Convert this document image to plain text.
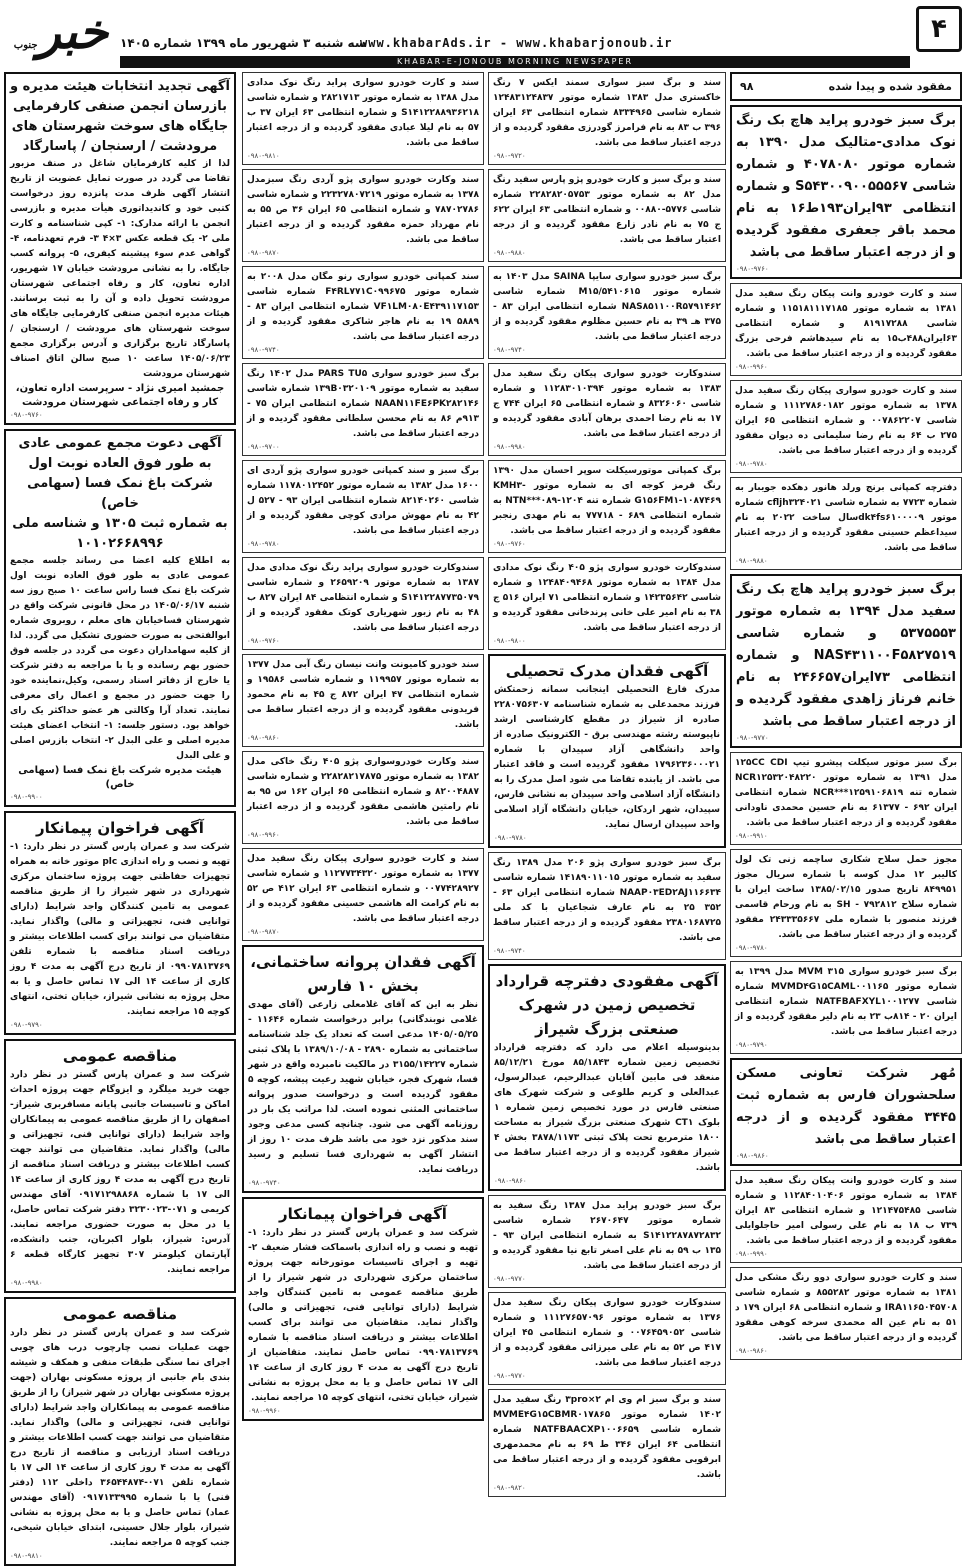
۴
www.khabarAds.ir - www.khabarjonoub.ir
سه شنبه ۳ شهریور ماه ۱۳۹۹ شماره ۱۴۰۵
خبرجنوب
KHABAR-E-JONOUB MORNING NEWSPAPER
مفقود شده و پیدا شده
۹۸
برگ سبز خودرو پراید هاچ بک رنگ نوک مدادی-متالیک مدل ۱۳۹۰ به شماره موتور ۴۰۷۸۰۸۰ و شماره شاسی S۵۴۳۰۰۹۰۰۵۵۵۶۷ و شماره انتظامی ۹۳ایران۱۹۳ط۱۶ به نام محمد باقر جعفری مفقود گردیده و از درجه اعتبار ساقط می باشد
۰۹۸۰-۹۷۶۰
سند و کارت خودرو وانت پیکان رنگ سفید مدل ۱۳۸۱ به شماره موتور ۱۱۵۱۸۱۱۱۷۱۸۵ و شماره شاسی ۸۱۹۱۷۲۸۸ و شماره انتظامی ۶۳ایران۴۸۸ب۱۵ به نام سیدهاشم فرحی بزرگ مفقود گردیده و از درجه اعتبار ساقط می باشد.
۰۹۸۰-۹۹۶۰
سند و کارت خودرو سواری پیکان رنگ سفید مدل ۱۳۷۸ به شماره موتور ۱۱۱۲۷۸۶۰۱۸۲ و شماره شاسی ۰۰۷۸۶۲۲۰۷ و شماره انتظامی ۶۵ ایران ۲۷۵ ب ۶۴ به نام رضا سلیمانی ده دیوان مفقود گردیده و از درجه اعتبار ساقط می باشد.
۰۹۸۰-۹۷۸۰
دفترچه کمپانی برنج ورلد هانور دهکده جویبار به شماره ۷۷۲۳ به شماره شاسی cfljh۳۲۴۰۲۱ شماره موتور dk۴fs۶۱۰۰۰۰۹سال ساخت ۲۰۲۲ به نام سیداعظم حسینی مفقود گردیده و از درجه اعتبار ساقط می باشد.
۰۹۸۰-۹۸۸۰
برگ سبز خودرو پراید هاچ بک رنگ سفید مدل ۱۳۹۴ به شماره موتور ۵۳۷۵۵۵۳ و شماره شاسی NAS۴۳۱۱۰۰F۵۸۲۷۵۱۹ و شماره انتظامی ۷۳ایران۲۴۶۶۵۷ به نام خانم فرناز زاهدی مفقود گردیده و از درجه اعتبار ساقط می باشد
۰۹۸۰-۹۷۷۰
برگ سبز موتور سیکلت پیشرو تیپ ۱۲۵CC CDI مدل ۱۳۹۱ به شماره موتور NCR۱۲۵۳۲۰۴۸۲۲۰ شماره تنه NCR***۱۲۵۹۱۰۶۸۱۹ شماره انتظامی ایران ۶۹۲ - ۶۱۳۷۷ به نام حسین محمدی ناودانی مفقود گردیده و از درجه اعتبار ساقط می باشد.
۰۹۸۰-۹۹۱۰
مجوز حمل سلاح شکاری ساچمه زنی تک لول کالیبر ۱۲ مدل کوسه با شماره سریال مجوز ۸۴۹۹۵۱ تاریخ صدور ۱۳۸۵/۰۲/۱۵ ساخت ایران با شماره سلاح SH - ۷۹۲۸۱۲ به نام ورحام قاسمی فرزند منصور با شماره ملی ۲۴۳۳۳۵۶۶۷ مفقود گردیده و از درجه اعتبار ساقط می باشد.
۰۹۸۰-۹۷۸۰
برگ سبز خودرو سواری ۳۱۵ MVM مدل ۱۳۹۹ به شماره موتور MVMD۴G۱۵CAML۰۰۱۱۶۵ شماره شاسی NATFBAFXYL۱۰۰۱۲۷۷ شماره انتظامی ایران ۲۰ - ۸۱۴ب ۲۳ به نام دلیر مفقود گردیده و از درجه اعتبار ساقط می باشد.
۰۹۸۰-۹۷۹۰
مُهر شرکت تعاونی مسکن سلحشوران فارس به شماره ثبت ۳۴۴۵ مفقود گردیده و از درجه اعتبار ساقط می باشد
۰۹۸۰-۹۸۶۰
سند و کارت خودرو وانت پیکان رنگ سفید مدل ۱۳۸۴ به شماره موتور ۱۱۲۸۴۰۱۰۴۰۶ و شماره شاسی ۱۲۱۴۷۵۴۸۵ و شماره انتظامی ۸۳ ایران ۷۳۹ ب ۱۸ به نام علی رسولی امیر حاجلوایلی مفقود گردیده و از درجه اعتبار ساقط می باشد.
۰۹۸۰-۹۹۹۰
سند و کارت خودرو سواری دوو رنگ مشکی مدل ۱۳۸۱ به شماره موتور ۸۵۵۲۸۲ و شماره شاسی IRA۱۱۶۵۰۴۵۷۰۸ و شماره انتظامی ۶۸ ایران ۱۷۹ د ۵۱ به نام عین اله محمدی سرخه کوهی مفقود گردیده و از درجه اعتبار ساقط می باشد.
۰۹۸۰-۹۸۶۰
سند و برگ سبز سواری سمند ایکس ۷ رنگ خاکستری مدل ۱۳۸۳ شماره موتور ۱۲۴۸۳۱۲۴۸۳۷ شماره شاسی ۸۳۳۴۹۶۵ شماره انتظامی ۶۳ ایران ۳۹۶ ب ۸۳ به نام فرامرز گودرزی مفقود گردیده و از درجه اعتبار ساقط می باشد.
۰۹۸۰-۹۷۲۰
سند و برگ سبز و کارت خودرو پژو پارس سفید رنگ مدل ۸۲ به شماره موتور ۲۲۸۲۸۲۰۵۷۵۳ شماره شاسی ۵۷۷۶-۰۰۸۸۰ و شماره انتظامی ۶۳ ایران ۶۲۲ ج ۷۵ به نام نادر زارع مفقود گردیده و از درجه اعتبار ساقط می باشد.
۰۹۸۰-۹۸۸۰
برگ سبز خودرو سواری سایپا SAINA مدل ۱۴۰۳ به شماره موتور M۱۵/۵۴۱۰۶۱۵ شماره شاسی NAS۸۵۱۱۰۰R۵۷۹۱۴۶۲ شماره انتظامی ایران ۸۳ - ۳۷۵ هـ ۳۹ به نام حسین مظلوم مفقود گردیده و از درجه اعتبار ساقط می باشد.
۰۹۸۰-۹۷۴۰
سندوکارت خودرو سواری پیکان رنگ سفید مدل ۱۳۸۳ به شماره موتور ۱۱۲۸۳۰۱۰۳۹۴ و شماره شاسی ۸۳۲۶۰۶۰ و شماره انتظامی ۶۵ ایران ۷۴۴ ج ۱۷ به نام رضا احمدی برهان آبادی مفقود گردیده و از درجه اعتبار ساقط می باشد.
۰۹۸۰-۹۹۸۰
برگ کمپانی موتورسیکلت سوپر احسان مدل ۱۳۹۰ رنگ قرمز کوجه ای به شماره موتور KMH۳-G۱۵۶FM۱-۱۰۸۷۴۶۹ شماره تنه ۱۲۰۴-۰۸۹***NTN به شماره انتظامی ۶۸۹ - ۷۷۷۱۸ به نام مهدی رنجبر مفقود گردیده و از درجه اعتبار ساقط می باشد.
۰۹۸۰-۹۷۶۰
سندوکارت خودرو سواری پژو ۴۰۵ رنگ نوک مدادی مدل ۱۳۸۴ به شماره موتور ۱۲۴۸۴۰۹۴۶۸ و شماره شاسی ۱۴۲۳۵۶۴۲ و شماره انتظامی ۷۱ ایران ۵۱۶ ج ۳۸ به نام امیر علی خانی پرندخانی مفقود گردیده و از درجه اعتبار ساقط می باشد.
۰۹۸۰-۹۸۰۰
آگهی فقدان مدرک تحصیلی
مدرک فارغ التحصیلی اینجانب سمانه زحمتکش فرزند محمدعلی به شماره شناسنامه ۲۲۸۰۷۵۶۳۰۷ صادره از شیراز در مقطع کارشناسی ارشد ناپیوسته رشته مهندسی برق - الکترونیک صادره از واحد دانشگاهی آزاد سپیدان با شماره ۱۷۹۶۲۳۶۰۰۰۲۱ مفقود گردیده است و فاقد اعتبار می باشد. از یابنده تقاضا می شود اصل مدرک را به دانشگاه آزاد اسلامی واحد سپیدان به نشانی فارس، سپیدان، شهر اردکان، خیابان دانشگاه آزاد اسلامی واحد سپیدان ارسال نماید.
۰۹۸۰-۹۷۸۰
برگ سبز خودرو سواری پژو ۲۰۶ مدل ۱۳۸۹ رنگ سفید به شماره موتور ۱۴۱۸۹۰۱۱۰۱۵ شماره شاسی NAAP۰۳ED۲AJ۱۱۶۶۳۴ شماره انتظامی ایران ۶۳ - ۳۵۲ ۲۵ به نام عارف شجاعیان با کد ملی ۲۳۸۰۱۶۸۷۲۵ مفقود گردیده و از درجه اعتبار ساقط می باشد.
۰۹۸۰-۹۷۴۰
آگهی مفقودی دفترچه قرارداد تخصیص زمین در شهرک صنعتی بزرگ شیراز
بدینوسیله اعلام می دارد که دفترچه قرارداد تخصیص زمین شماره ۸۵/۱۸۴۳ مورخ ۸۵/۱۲/۲۱ منعقد فی مابین آقایان عبدالرحیم، عبدالرسول، عبدالعلی و کریم طلوعی و شرکت شهرک های صنعتی فارس در مورد تخصیص زمین شماره ۱ بلوک CT۱ شهرک صنعتی بزرگ شیراز به مساحت ۱۸۰۰ مترمربع تحت پلاک ثبتی ۳۸۷۸/۱۱۷۳ بخش ۴ شیراز مفقود گردیده و از درجه اعتبار ساقط می باشد.
۰۹۸۰-۹۸۶۰
برگ سبز خودرو پراید مدل ۱۳۸۷ رنگ سفید به شماره موتور ۲۶۷۰۶۴۷ شماره شاسی S۱۴۱۲۲۸۷۸۷۲۸۳۲ به شماره انتظامی ایران ۹۳ - ۱۳۵ ب ۵۹ به نام علی اصغر تابع نیا مفقود گردیده و از درجه اعتبار ساقط می باشد.
۰۹۸۰-۹۷۷۰
سندوکارت خودرو سواری پیکان رنگ سفید مدل ۱۳۷۶ به شماره موتور ۱۱۱۲۷۶۵۷۰۹۶ و شماره شاسی ۰۰۷۶۴۵۹۰۵۲ و شماره انتظامی ۴۵ ایران ۴۱۷ ص ۵۲ به نام علی میرزائی مفقود گردیده و از درجه اعتبار ساقط می باشد.
۰۹۸۰-۹۷۷۰
سند و برگ سبز ام وی ام ۳pro×۲ رنگ سفید مدل ۱۴۰۲ شماره موتور MVME۴G۱۵CBMR۰۱۷۸۶۵ شماره شاسی NATFBAACXP۱۰۰۶۶۵۹ شماره انتظامی ۶۴ ایران ۳۴۶ ط ۶۹ به نام محمدمهری ابرقویی مفقود گردیده و از درجه اعتبار ساقط می باشد.
۰۹۸۰-۹۸۲۰
سند و کارت خودرو سواری پراید رنگ نوک مدادی مدل ۱۳۸۸ به شماره موتور ۲۸۲۱۷۱۳ و شماره شاسی S۱۴۱۲۲۸۸۹۳۶۲۱۸ و شماره انتظامی ۶۳ ایران ۳۷ ب ۵۷ به نام لیلا عبادی مفقود گردیده و از درجه اعتبار ساقط می باشد.
۰۹۸۰-۹۸۱۰
سند وکارت خودرو سواری پژو آردی رنگ سبزمدل ۱۳۷۸ به شماره موتور ۲۲۳۲۷۸۰۷۲۱۹ و شماره شاسی ۷۸۷۰۲۷۸۶ و شماره انتظامی ۶۵ ایران ۳۶ ص ۵۵ به نام مهرداد حمزه مفقود گردیده و از درجه اعتبار ساقط می باشد.
۰۹۸۰-۹۸۷۰
سند کمپانی خودرو سواری رنو مگان مدل ۲۰۰۸ به شماره موتور F۴RL۷۷۱C۰۹۹۶۷۵ شماره شاسی VF۱LM۰۸۰E۴۳۹۱۱۷۱۵۳ شماره انتظامی ایران ۸۳ - ۵۸۸۹ ۱۹ به نام هاجر شاکری مفقود گردیده و از درجه اعتبار ساقط می باشد.
۰۹۸۰-۹۷۴۰
برگ سبز خودرو سواری PARS TU۵ مدل ۱۴۰۲ رنگ سفید به شماره موتور ۱۳۹B۰۳۲۰۱۰۹ شماره شاسی NAAN۱۱FE۶PK۲۸۲۱۴۶ شماره انتظامی ایران ۷۵ - ۹۱۳م ۸۶ به نام محسن سلطانی مفقود گردیده و از درجه اعتبار ساقط می باشد.
۰۹۸۰-۹۷۰۰
برگ سبز و سند کمپانی خودرو سواری پژو آردی ای ۱۶۰۰ مدل ۱۳۸۲ به شماره موتور ۱۱۷۸۰۱۲۴۵۲ شماره شاسی ۸۲۱۴۰۲۶۰ شماره انتظامی ایران ۹۳ - ۵۲۷ ل ۴۲ به نام مهوش مرادی کوچی مفقود گردیده و از درجه اعتبار ساقط می باشد.
۰۹۸۰-۹۷۸۰
سندوکارت خودرو سواری پراید رنگ نوک مدادی مدل ۱۳۸۷ به شماره موتور ۲۶۵۹۲۰۹ و شماره شاسی S۱۴۱۲۲۸۷۷۳۵۰۷۹ و شماره انتظامی ۸۴ ایران ۸۲۷ ب ۴۸ به نام زبور شهریاری کوتک مفقود گردیده و از درجه اعتبار ساقط می باشد.
۰۹۸۰-۹۷۶۰
سند خودرو کامیونت وانت نیسان رنگ آبی مدل ۱۳۷۷ به شماره موتور ۱۱۹۹۵۷ و شماره شاسی ۱۹۵۸۶ و شماره انتظامی ۴۷ ایران ۸۷۲ ج ۴۵ به نام محمود فریدونی مفقود گردیده و از درجه اعتبار ساقط می باشد.
۰۹۸۰-۹۸۶۰
سند وکارت خودروسواری پژو ۴۰۵ رنگ خاکی مدل ۱۳۸۲ به شماره موتور ۲۲۸۲۸۲۱۷۸۷۵ و شماره شاسی ۸۲۰۰۴۸۸۷ و شماره انتظامی ۶۵ ایران ۱۶۲ س ۹۵ به نام رامتین هاشمی مفقود گردیده و از درجه اعتبار ساقط می باشد.
۰۹۸۰-۹۹۶۰
سند و کارت خودرو سواری پیکان رنگ سفید مدل ۱۳۷۷ به شماره موتور ۱۱۲۷۷۳۴۳۲۰ و شماره شاسی ۰۰۷۷۴۲۸۹۲۷ و شماره انتظامی ۶۳ ایران ۴۱۲ ص ۵۲ به نام کرامت اله هاشمی حسینی مفقود گردیده و از درجه اعتبار ساقط می باشد.
۰۹۸۰-۹۸۷۰
آگهی فقدان پروانه ساختمانی، بخش ۱۰ فارس
نظر به این که آقای غلامعلی زارعی (آقای مهدی غلامی نوبندگانی) برابر درخواست شماره ۱۱۶۴۶ - ۱۴۰۵/۰۵/۲۵ مدعی است که تعداد یک جلد شناسنامه ساختمانی به شماره ۲۸۹۰ - ۱۳۸۹/۱۰/۰۸ با پلاک ثبتی شماره ۳۱۵۵/۱۴۲۲۷ در مالکیت نامبرده واقع در شهر فسا، شهرک فجر، خیابان شهید رعیت پیشه، کوچه ۵ مفقود گردیده است و درخواست صدور پروانه ساختمانی المثنی نموده است. لذا مراتب یک بار در روزنامه آگهی می شود. چنانچه کسی مدعی وجود سند مذکور نزد خود می باشد ظرف مدت ۱۰ روز از انتشار آگهی به شهرداری فسا تسلیم و رسید دریافت نماید.
۰۹۸۰-۹۷۴۰
آگهی فراخوان پیمانکار
شرکت سد و عمران پارس گستر در نظر دارد: ۱- تهیه و نصب و راه اندازی باسماکت فشار ضعیف ۲- تهیه و اجرای تاسیسات موتورخانه جهت پروژه ساختمان مرکزی شهرداری در شهر شیراز را از طریق مناقصه عمومی به تامین کنندگان واجد شرایط (دارای توانایی فنی، تجهیزاتی و مالی) واگذار نماید. متقاضیان می توانند برای کسب اطلاعات بیشتر و دریافت اسناد مناقصه با شماره ۰۹۹۰۷۸۱۳۷۶۹ تماس حاصل نمایند. متقاضیان از تاریخ درج آگهی به مدت ۴ روز کاری از ساعت ۱۴ الی ۱۷ تماس حاصل و یا به محل پروژه به نشانی شیراز، خیابان تختی، انتهای کوچه ۱۵ مراجعه نمایند.
۰۹۸۰-۹۹۶۰
آگهی تجدید انتخابات هیئت مدیره و بازرسان انجمن صنفی کارفرمایی جایگاه های سوخت شهرستان های مرودشت / ارسنجان / پاسارگاد
لذا از کلیه کارفرمایان شاغل در صنف مزبور تقاضا می گردد در صورت تمایل عضویت از تاریخ انتشار آگهی ظرف مدت پانزده روز درخواست کتبی خود و کاندیداتوری هیأت مدیره و بازرسی انجمن با ارائه مدارک: ۱- کپی شناسنامه و کارت ملی ۲- یک قطعه عکس ۳×۴ ۳- فرم تعهدنامه، ۴- گواهی عدم سوء پیشینه کیفری، ۵- پروانه کسب جایگاه. را به نشانی مرودشت خیابان ۱۷ شهریور، اداره تعاون، کار و رفاه اجتماعی شهرستان مرودشت تحویل داده و آن را به ثبت برسانند. هیئات مدیره انجمن صنفی کارفرمایی جایگاه های سوخت شهرستان های مرودشت / ارسنجان / پاسارگاد تاریخ برگزاری و آدرس برگزاری مجمع ۱۴۰۵/۰۶/۲۳ ساعت ۱۰ صبح سالن اتاق اصناف شهرستان مرودشت
جمشید امیری نژاد - سرپرست اداره تعاون، کار و رفاه اجتماعی شهرستان مرودشت
۰۹۸۰-۹۷۶۰
آگهی دعوت مجمع عمومی عادی به طور فوق العاده نوبت اول شرکت باغ نمک فسا (سهامی خاص)
به شماره ثبت ۱۳۰۵ و شناسه ملی ۱۰۱۰۲۶۶۸۹۹۶
به اطلاع کلیه اعضا می رساند جلسه مجمع عمومی عادی به طور فوق العاده نوبت اول شرکت باغ نمک فسا راس ساعت ۱۰ صبح روز سه شنبه ۱۴۰۵/۰۶/۱۷ در محل قانونی شرکت واقع در شهرستان فساخیابان های معلم ، روبروی شماره ابوالفتحی به صورت حضوری تشکیل می گردد. لذا از کلیه سهامداران دعوت می گردد در جلسه فوق حضور بهم رسانده و یا با مراجعه به دفتر شرکت یا خارج از دفاتر اسناد رسمی، وکیل،نماینده خود را جهت حضور در مجمع و اعمال رای معرفی نمایند. تعداد آرا وکالتی هر عضو حداکثر یک رای خواهد بود. دستور جلسه: ۱- انتخاب اعضای هیئت مدیره اصلی و علی البدل ۲- انتخاب بازرس اصلی و علی البدل
هیئت مدیره شرکت باغ نمک فسا (سهامی خاص)
۰۹۸۰-۹۹۰۰
آگهی فراخوان پیمانکار
شرکت سد و عمران پارس گستر در نظر دارد: ۱- تهیه و نصب و راه اندازی plc موتور خانه به همراه تجهیزات حفاظتی جهت پروژه ساختمان مرکزی شهرداری در شهر شیراز را از طریق مناقصه عمومی به تامین کنندگان واجد شرایط (دارای توانایی فنی، تجهیزاتی و مالی) واگذار نماید. متقاضیان می توانند برای کسب اطلاعات بیشتر و دریافت اسناد مناقصه با شماره تلفن ۰۹۹۰۷۸۱۳۷۶۹ از تاریخ درج آگهی به مدت ۴ روز کاری از ساعت ۱۴ الی ۱۷ تماس حاصل و یا به محل پروژه به نشانی شیراز، خیابان تختی، انتهای کوچه ۱۵ مراجعه نمایند.
۰۹۸۰-۹۷۹۰
مناقصه عمومی
شرکت سد و عمران پارس گستر در نظر دارد جهت خرید میلگرد و ایزوگام جهت پروژه احداث اماکن و تاسیسات جانبی پایانه مسافربری شیراز-اصفهان را از طریق مناقصه عمومی به پیمانکاران واجد شرایط (دارای توانایی فنی، تجهیزاتی و مالی) واگذار نماید. متقاضیان می توانند جهت کسب اطلاعات بیشتر و دریافت اسناد مناقصه از تاریخ درج آگهی به مدت ۴ روز کاری از ساعت ۱۴ الی ۱۷ با شماره ۰۹۱۷۱۲۹۸۸۶۸ آقای مهندس کریمی و ۰۷۱-۳۲۳۰۰۲۳ دفتر شرکت تماس حاصل، یا در محل به صورت حضوری مراجعه نمایند. آدرس: شیراز، بلوار اکبریان، جنب دانشکده، آپارتمان کیلومتر ۳۰۷ تجهیز کارگاه قطعه ۶ مراجعه نمایند.
۰۹۸۰-۹۹۸۰
مناقصه عمومی
شرکت سد و عمران پارس گستر در نظر دارد جهت عملیات نصب چارچوب درب های چوبی اجرای نما سنگی طبقات منفی و همکف و شیشه بندی بام جانبی از پروژه مسکونی بهاران (جهت پروژه مسکونی بهاران در شهر شیراز) را از طریق مناقصه عمومی به پیمانکاران واجد شرایط (دارای توانایی فنی، تجهیزاتی و مالی) واگذار نماید. متقاضیان می توانند جهت کسب اطلاعات بیشتر و دریافت اسناد ارزیابی و مناقصه از تاریخ درج آگهی به مدت ۴ روز کاری از ساعت ۱۴ الی ۱۷ با شماره تلفن ۰۷۱-۳۶۵۴۴۸۷۴ داخلی ۱۱۲ (دفتر فنی) یا با شماره ۰۹۱۷۱۳۳۹۹۵ (آقای مهندس عماد) تماس حاصل و یا به محل پروژه به نشانی شیراز، بلوار جلال حسینی، ابتدای خیابان شیخی، جنب کوچه ۵ مراجعه نمایند.
۰۹۸۰-۹۸۱۰
